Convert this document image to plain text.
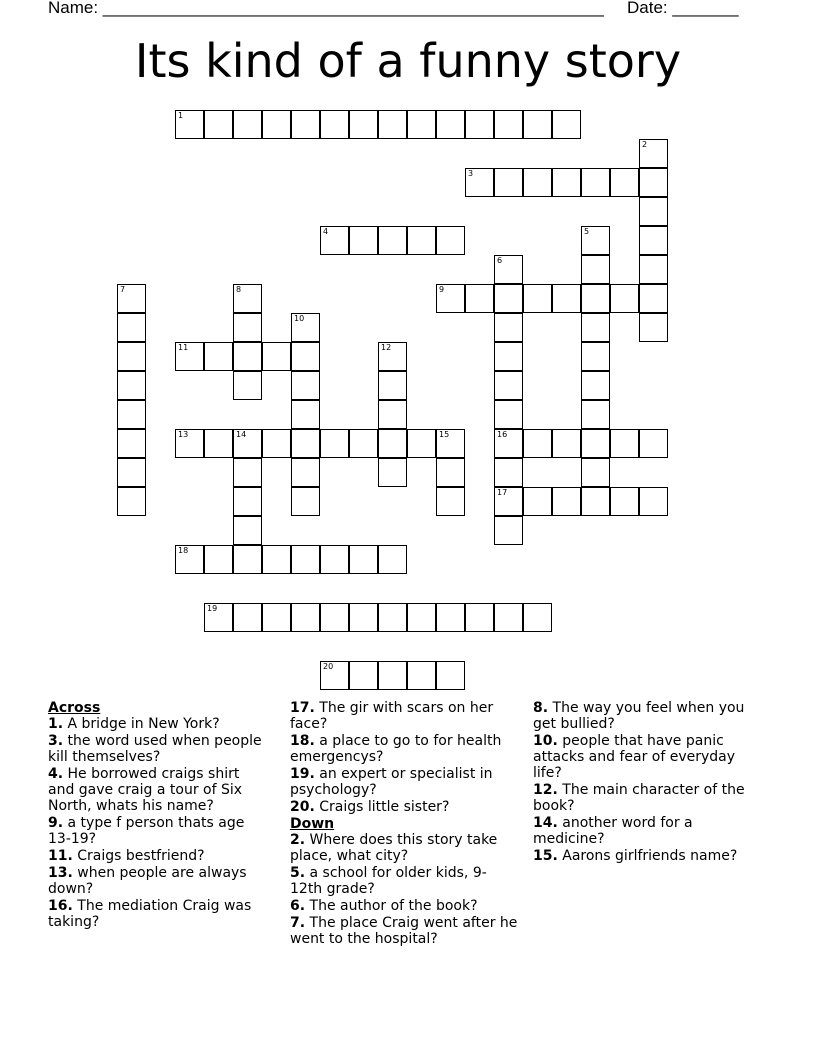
Name: _____________________________________________________ Date: _______
Its kind of a funny story
1
2
3
4	5
6
16
17
7	8	9
10
11	12
13	14	15
18
19
20
Across
1. A bridge in New York?
3. the word used when people kill themselves?
4. He borrowed craigs shirt and gave craig a tour of Six North, whats his name?
9. a type f person thats age 13-19?
11. Craigs bestfriend?
13. when people are always down?
16. The mediation Craig was taking?
17. The gir with scars on her face?
18. a place to go to for health emergencys?
19. an expert or specialist in psychology?
20. Craigs little sister?
Down
2. Where does this story take place, what city?
5. a school for older kids, 9-12th grade?
6. The author of the book?
7. The place Craig went after he went to the hospital?
8. The way you feel when you get bullied?
10. people that have panic attacks and fear of everyday life?
12. The main character of the book?
14. another word for a medicine?
15. Aarons girlfriends name?
